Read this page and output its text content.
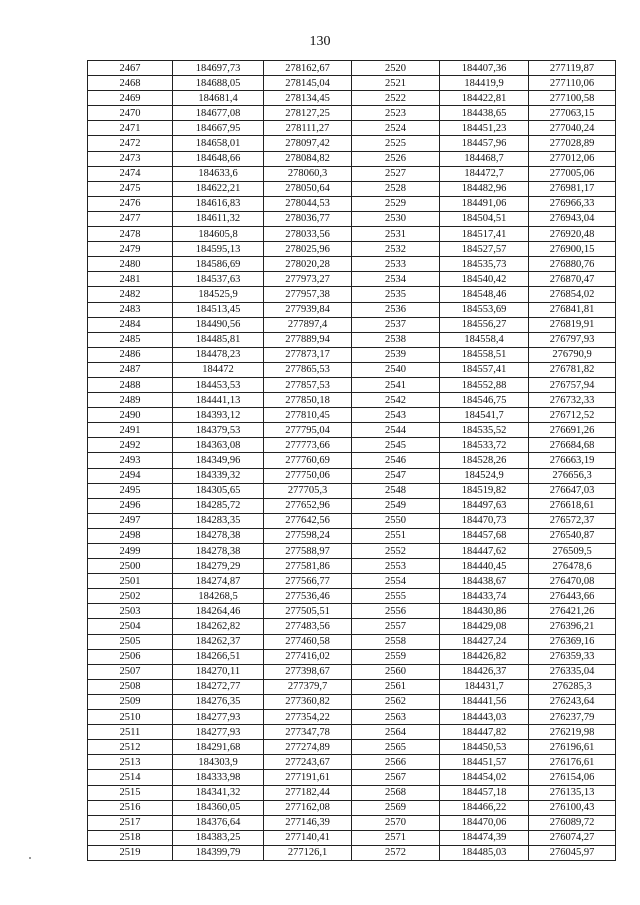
130
2467	184697,73	278162,67	2520	184407,36	277119,87
2468	184688,05	278145,04	2521	184419,9	277110,06
2469	184681,4	278134,45	2522	184422,81	277100,58
2470	184677,08	278127,25	2523	184438,65	277063,15
2471	184667,95	278111,27	2524	184451,23	277040,24
2472	184658,01	278097,42	2525	184457,96	277028,89
2473	184648,66	278084,82	2526	184468,7	277012,06
2474	184633,6	278060,3	2527	184472,7	277005,06
2475	184622,21	278050,64	2528	184482,96	276981,17
2476	184616,83	278044,53	2529	184491,06	276966,33
2477	184611,32	278036,77	2530	184504,51	276943,04
2478	184605,8	278033,56	2531	184517,41	276920,48
2479	184595,13	278025,96	2532	184527,57	276900,15
2480	184586,69	278020,28	2533	184535,73	276880,76
2481	184537,63	277973,27	2534	184540,42	276870,47
2482	184525,9	277957,38	2535	184548,46	276854,02
2483	184513,45	277939,84	2536	184553,69	276841,81
2484	184490,56	277897,4	2537	184556,27	276819,91
2485	184485,81	277889,94	2538	184558,4	276797,93
2486	184478,23	277873,17	2539	184558,51	276790,9
2487	184472	277865,53	2540	184557,41	276781,82
2488	184453,53	277857,53	2541	184552,88	276757,94
2489	184441,13	277850,18	2542	184546,75	276732,33
2490	184393,12	277810,45	2543	184541,7	276712,52
2491	184379,53	277795,04	2544	184535,52	276691,26
2492	184363,08	277773,66	2545	184533,72	276684,68
2493	184349,96	277760,69	2546	184528,26	276663,19
2494	184339,32	277750,06	2547	184524,9	276656,3
2495	184305,65	277705,3	2548	184519,82	276647,03
2496	184285,72	277652,96	2549	184497,63	276618,61
2497	184283,35	277642,56	2550	184470,73	276572,37
2498	184278,38	277598,24	2551	184457,68	276540,87
2499	184278,38	277588,97	2552	184447,62	276509,5
2500	184279,29	277581,86	2553	184440,45	276478,6
2501	184274,87	277566,77	2554	184438,67	276470,08
2502	184268,5	277536,46	2555	184433,74	276443,66
2503	184264,46	277505,51	2556	184430,86	276421,26
2504	184262,82	277483,56	2557	184429,08	276396,21
2505	184262,37	277460,58	2558	184427,24	276369,16
2506	184266,51	277416,02	2559	184426,82	276359,33
2507	184270,11	277398,67	2560	184426,37	276335,04
2508	184272,77	277379,7	2561	184431,7	276285,3
2509	184276,35	277360,82	2562	184441,56	276243,64
2510	184277,93	277354,22	2563	184443,03	276237,79
2511	184277,93	277347,78	2564	184447,82	276219,98
2512	184291,68	277274,89	2565	184450,53	276196,61
2513	184303,9	277243,67	2566	184451,57	276176,61
2514	184333,98	277191,61	2567	184454,02	276154,06
2515	184341,32	277182,44	2568	184457,18	276135,13
2516	184360,05	277162,08	2569	184466,22	276100,43
2517	184376,64	277146,39	2570	184470,06	276089,72
2518	184383,25	277140,41	2571	184474,39	276074,27
2519	184399,79	277126,1	2572	184485,03	276045,97
